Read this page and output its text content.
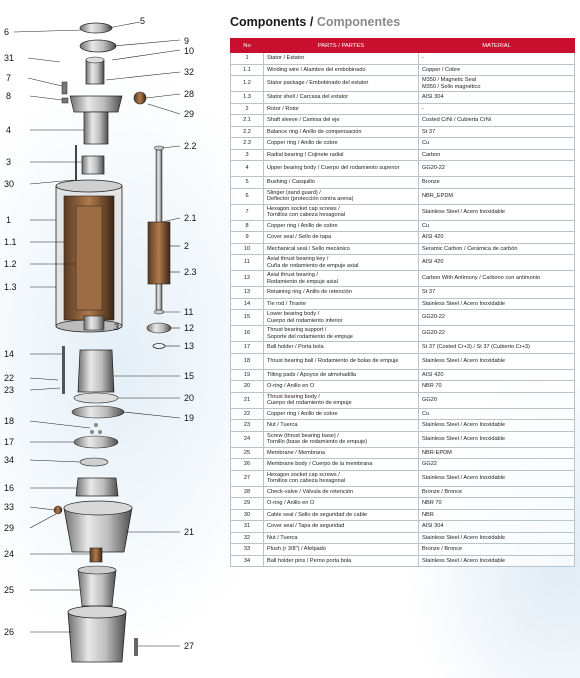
5
6
9
10
31
7
32
8	28
29
4
3
30
2.2
2.1
1
1.1	2
1.2
2.3
1.3
3
11
12
13
14
22	15
23
20
19
18
17
34
16
33
29	21
24
25
26
27
Components / Componentes
No	PARTS / PARTES	MATERIAL
1	Stator / Estator	-
1.1	Winding wire / Alambre del embobinado	Copper / Cobre
1.2	Stator package / Embobinado del estator	M350 / Magnetic Seal
M350 / Sello magnético
1.3	Stator shell / Carcasa del estator	AISI 304
2	Rotor / Rotor	-
2.1	Shaft sleeve / Camisa del eje	Costed CrNi / Cubierta CrNi
2.2	Balance ring / Anillo de compensación	St 37
2.3	Copper ring / Anillo de cobre	Cu
3	Radial bearing / Cojinete radial	Carbon
4	Upper bearing body / Cuerpo del rodamiento superior	GG20-22
5	Bushing / Casquillo	Bronze
6	Slinger (sand guard) /
Deflector (protección contra arena)	NBR_EPDM
7	Hexagon socket cap screws /
Tornillos con cabeza hexagonal	Stainless Steel / Acero Inoxidable
8	Copper ring / Anillo de cobre	Cu
9	Cover seal / Sello de tapa	AISI 420
10	Mechanical seal / Sello mecánico	Seramic Carbon / Cerámica de carbón
11	Axial thrust bearing key /
Cuña de rodamiento de empuje axial	AISI 420
12	Axial thrust bearing /
Rodamiento de empuje axial	Carbon With Antimony / Carbono con antimonio
13	Retaining ring / Anillo de retención	St 37
14	Tie rod / Tirante	Stainless Steel / Acero Inoxidable
15	Lower bearing body /
Cuerpo del rodamiento inferior	GG20-22
16	Thrust bearing support /
Soporte del rodamiento de empuje	GG20-22
17	Ball holder / Porta bola	St 37 (Costed Cr+3) / St 37 (Cubierto Cr+3)
18	Thrust bearing ball / Rodamiento de bolas de empuje	Stainless Steel / Acero Inoxidable
19	Tilting pads / Apoyos de almohadilla	AISI 420
20	O-ring / Anillo en O	NBR 70
21	Thrust bearing body /
Cuerpo del rodamiento de empuje	GG20
22	Copper ring / Anillo de cobre	Cu
23	Nut / Tuerca	Stainless Steel / Acero Inoxidable
24	Screw (thrust bearing base) /
Tornillo (base de rodamiento de empuje)	Stainless Steel / Acero Inoxidable
25	Membrane / Membrana	NBR-EPDM
26	Membrane body / Cuerpo de la membrana	GG22
27	Hexagon socket cap screws /
Tornillos con cabeza hexagonal	Stainless Steel / Acero Inoxidable
28	Check-valve / Válvula de retención	Bronze / Bronce
29	O-ring / Anillo en O	NBR 70
30	Cable seal / Sello de seguridad de cable	NBR
31	Cover seal / Tapa de seguridad	AISI 304
32	Nut / Tuerca	Stainless Steel / Acero Inoxidable
33	Plush (r 3/8") / Afelpado	Bronze / Bronce
34	Ball holder pins / Perno porta bola	Stainless Steel / Acero Inoxidable
